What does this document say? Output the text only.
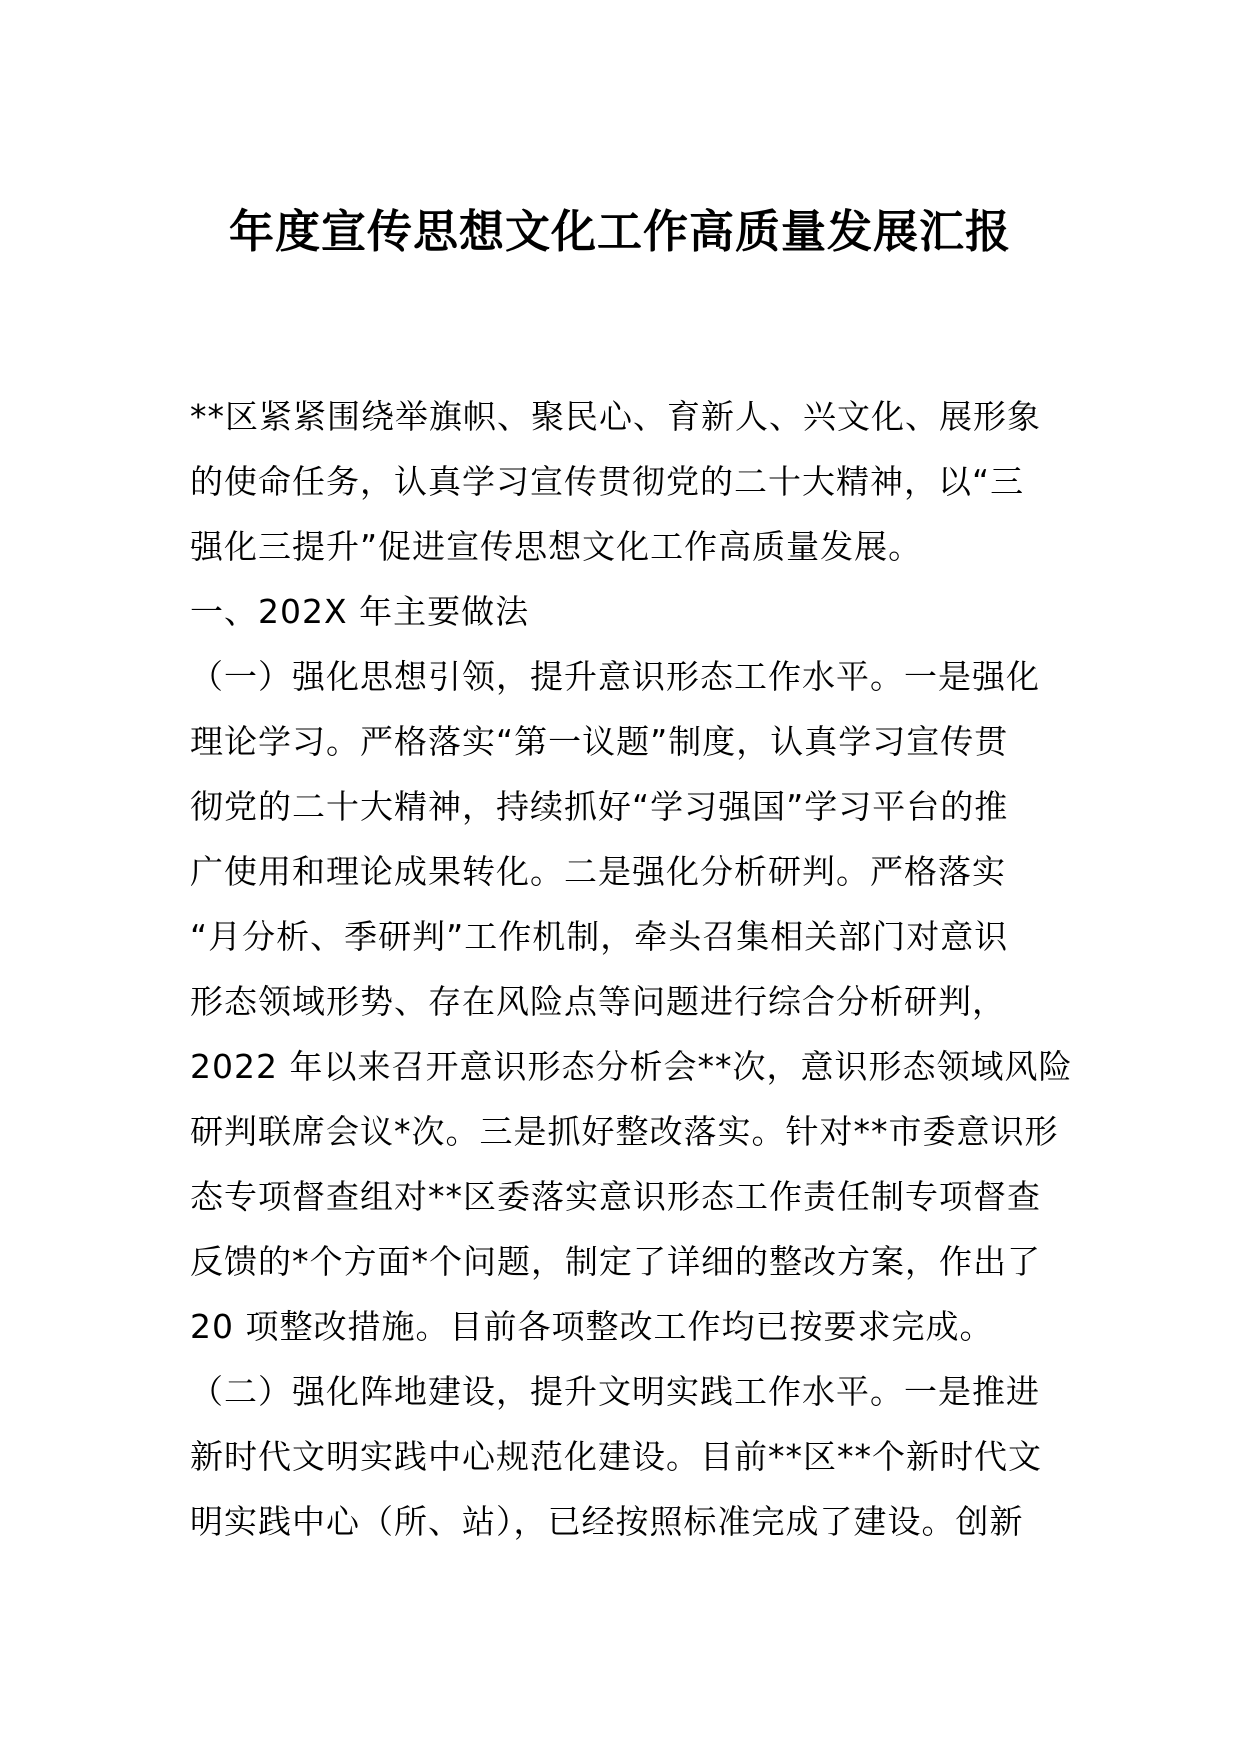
年度宣传思想文化工作高质量发展汇报
**区紧紧围绕举旗帜、聚民心、育新人、兴文化、展形象
的使命任务，认真学习宣传贯彻党的二十大精神，以“三
强化三提升”促进宣传思想文化工作高质量发展。
一、202X 年主要做法
（一）强化思想引领，提升意识形态工作水平。一是强化
理论学习。严格落实“第一议题”制度，认真学习宣传贯
彻党的二十大精神，持续抓好“学习强国”学习平台的推
广使用和理论成果转化。二是强化分析研判。严格落实
“月分析、季研判”工作机制，牵头召集相关部门对意识
形态领域形势、存在风险点等问题进行综合分析研判，
2022 年以来召开意识形态分析会**次，意识形态领域风险
研判联席会议*次。三是抓好整改落实。针对**市委意识形
态专项督查组对**区委落实意识形态工作责任制专项督查
反馈的*个方面*个问题，制定了详细的整改方案，作出了
20 项整改措施。目前各项整改工作均已按要求完成。
（二）强化阵地建设，提升文明实践工作水平。一是推进
新时代文明实践中心规范化建设。目前**区**个新时代文
明实践中心（所、站），已经按照标准完成了建设。创新
